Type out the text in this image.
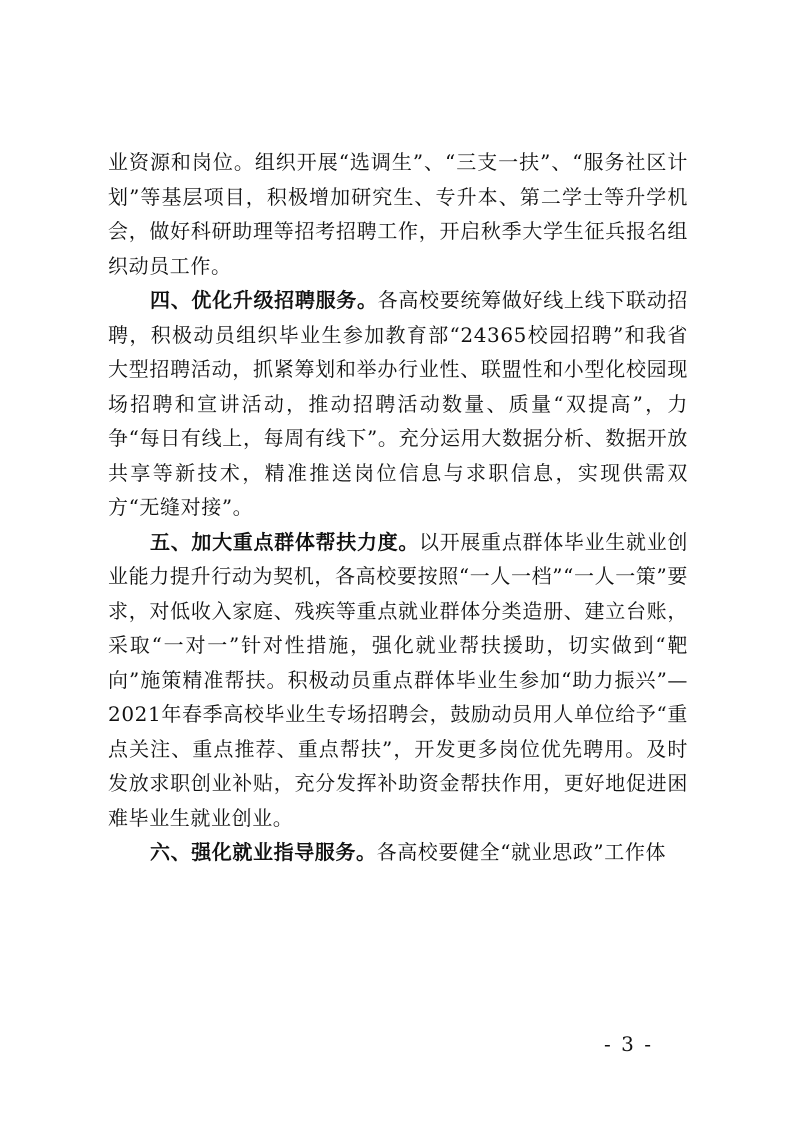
业资源和岗位。组织开展“选调生”、“三支一扶”、“服务社区计划”等基层项目，积极增加研究生、专升本、第二学士等升学机会，做好科研助理等招考招聘工作，开启秋季大学生征兵报名组织动员工作。

四、优化升级招聘服务。各高校要统筹做好线上线下联动招聘，积极动员组织毕业生参加教育部“24365校园招聘”和我省大型招聘活动，抓紧筹划和举办行业性、联盟性和小型化校园现场招聘和宣讲活动，推动招聘活动数量、质量“双提高”，力争“每日有线上，每周有线下”。充分运用大数据分析、数据开放共享等新技术，精准推送岗位信息与求职信息，实现供需双方“无缝对接”。

五、加大重点群体帮扶力度。以开展重点群体毕业生就业创业能力提升行动为契机，各高校要按照“一人一档”“一人一策”要求，对低收入家庭、残疾等重点就业群体分类造册、建立台账，采取“一对一”针对性措施，强化就业帮扶援助，切实做到“靶向”施策精准帮扶。积极动员重点群体毕业生参加“助力振兴”—2021年春季高校毕业生专场招聘会，鼓励动员用人单位给予“重点关注、重点推荐、重点帮扶”，开发更多岗位优先聘用。及时发放求职创业补贴，充分发挥补助资金帮扶作用，更好地促进困难毕业生就业创业。

六、强化就业指导服务。各高校要健全“就业思政”工作体

- 3 -
